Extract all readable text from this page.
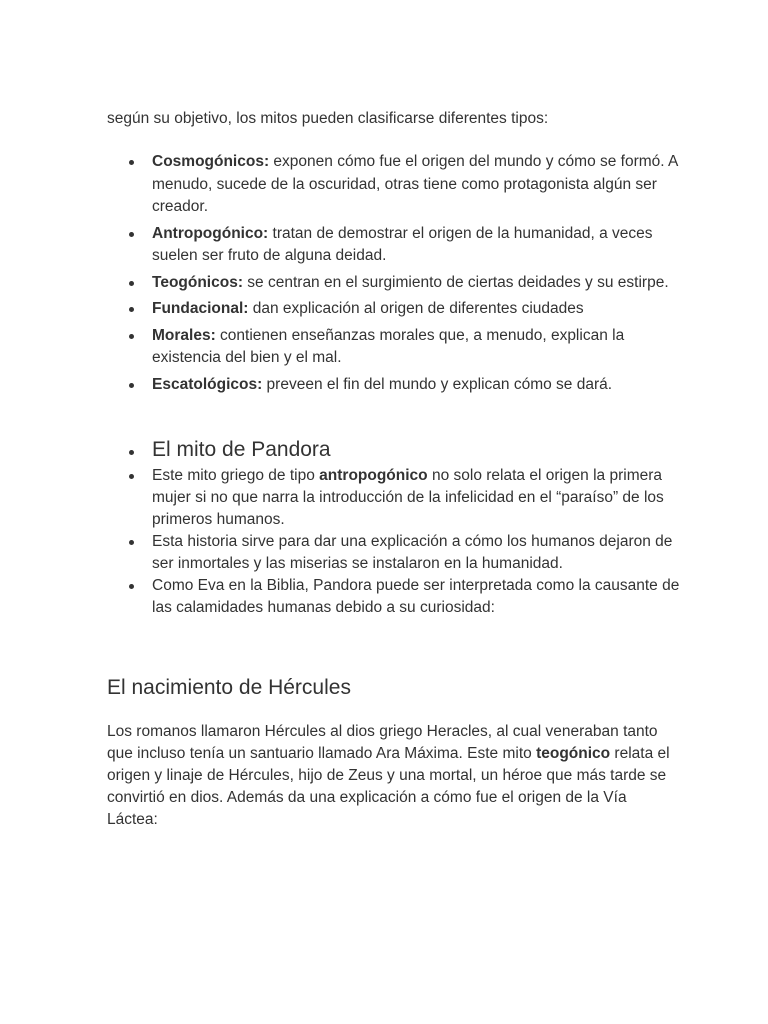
según su objetivo, los mitos pueden clasificarse diferentes tipos:

Cosmogónicos: exponen cómo fue el origen del mundo y cómo se formó. A menudo, sucede de la oscuridad, otras tiene como protagonista algún ser creador.
Antropogónico: tratan de demostrar el origen de la humanidad, a veces suelen ser fruto de alguna deidad.
Teogónicos: se centran en el surgimiento de ciertas deidades y su estirpe.
Fundacional: dan explicación al origen de diferentes ciudades
Morales: contienen enseñanzas morales que, a menudo, explican la existencia del bien y el mal.
Escatológicos: preveen el fin del mundo y explican cómo se dará.
El mito de Pandora
Este mito griego de tipo antropogónico no solo relata el origen la primera mujer si no que narra la introducción de la infelicidad en el “paraíso” de los primeros humanos.
Esta historia sirve para dar una explicación a cómo los humanos dejaron de ser inmortales y las miserias se instalaron en la humanidad.
Como Eva en la Biblia, Pandora puede ser interpretada como la causante de las calamidades humanas debido a su curiosidad:
El nacimiento de Hércules

Los romanos llamaron Hércules al dios griego Heracles, al cual veneraban tanto que incluso tenía un santuario llamado Ara Máxima. Este mito teogónico relata el origen y linaje de Hércules, hijo de Zeus y una mortal, un héroe que más tarde se convirtió en dios. Además da una explicación a cómo fue el origen de la Vía Láctea:
